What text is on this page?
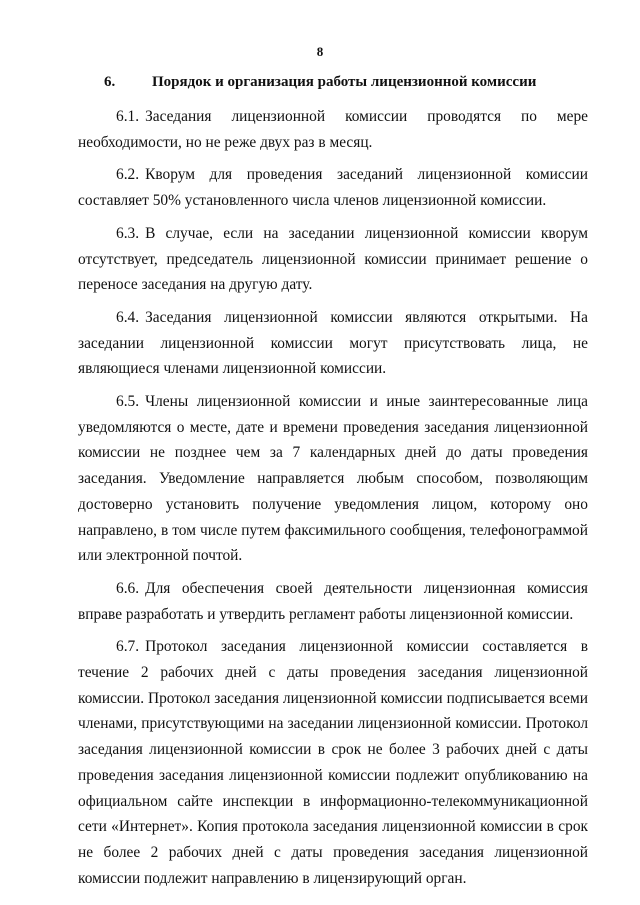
8
6. Порядок и организация работы лицензионной комиссии

6.1. Заседания лицензионной комиссии проводятся по мере необходимости, но не реже двух раз в месяц.

6.2. Кворум для проведения заседаний лицензионной комиссии составляет 50% установленного числа членов лицензионной комиссии.

6.3. В случае, если на заседании лицензионной комиссии кворум отсутствует, председатель лицензионной комиссии принимает решение о переносе заседания на другую дату.

6.4. Заседания лицензионной комиссии являются открытыми. На заседании лицензионной комиссии могут присутствовать лица, не являющиеся членами лицензионной комиссии.

6.5. Члены лицензионной комиссии и иные заинтересованные лица уведомляются о месте, дате и времени проведения заседания лицензионной комиссии не позднее чем за 7 календарных дней до даты проведения заседания. Уведомление направляется любым способом, позволяющим достоверно установить получение уведомления лицом, которому оно направлено, в том числе путем факсимильного сообщения, телефонограммой или электронной почтой.

6.6. Для обеспечения своей деятельности лицензионная комиссия вправе разработать и утвердить регламент работы лицензионной комиссии.

6.7. Протокол заседания лицензионной комиссии составляется в течение 2 рабочих дней с даты проведения заседания лицензионной комиссии. Протокол заседания лицензионной комиссии подписывается всеми членами, присутствующими на заседании лицензионной комиссии. Протокол заседания лицензионной комиссии в срок не более 3 рабочих дней с даты проведения заседания лицензионной комиссии подлежит опубликованию на официальном сайте инспекции в информационно-телекоммуникационной сети «Интернет». Копия протокола заседания лицензионной комиссии в срок не более 2 рабочих дней с даты проведения заседания лицензионной комиссии подлежит направлению в лицензирующий орган.
